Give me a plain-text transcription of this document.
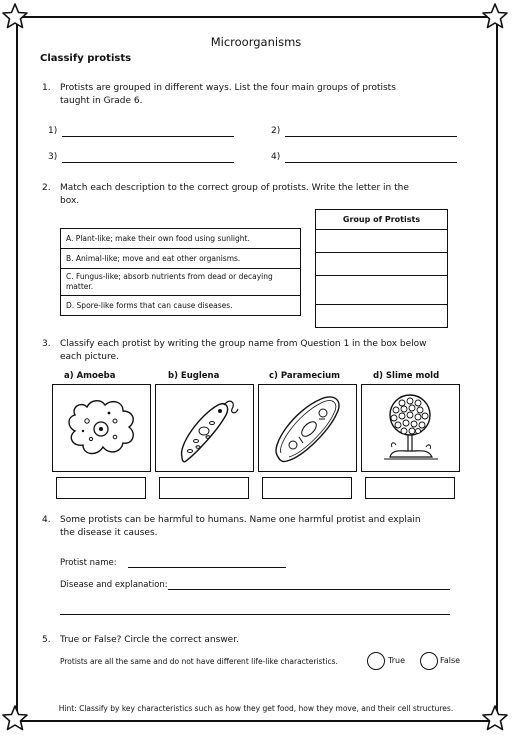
Microorganisms
Classify protists
1. Protists are grouped in different ways. List the four main groups of protists taught in Grade 6.
1)	2)
3)	4)
2. Match each description to the correct group of protists. Write the letter in the box.
A. Plant-like; make their own food using sunlight.
B. Animal-like; move and eat other organisms.
C. Fungus-like; absorb nutrients from dead or decaying matter.
D. Spore-like forms that can cause diseases.
Group of Protists

3. Classify each protist by writing the group name from Question 1 in the box below each picture.
a) Amoeba	b) Euglena	c) Paramecium	d) Slime mold
4. Some protists can be harmful to humans. Name one harmful protist and explain the disease it causes.
Protist name:
Disease and explanation:
5. True or False? Circle the correct answer.
Protists are all the same and do not have different life-like characteristics.	True	False
Hint: Classify by key characteristics such as how they get food, how they move, and their cell structures.
